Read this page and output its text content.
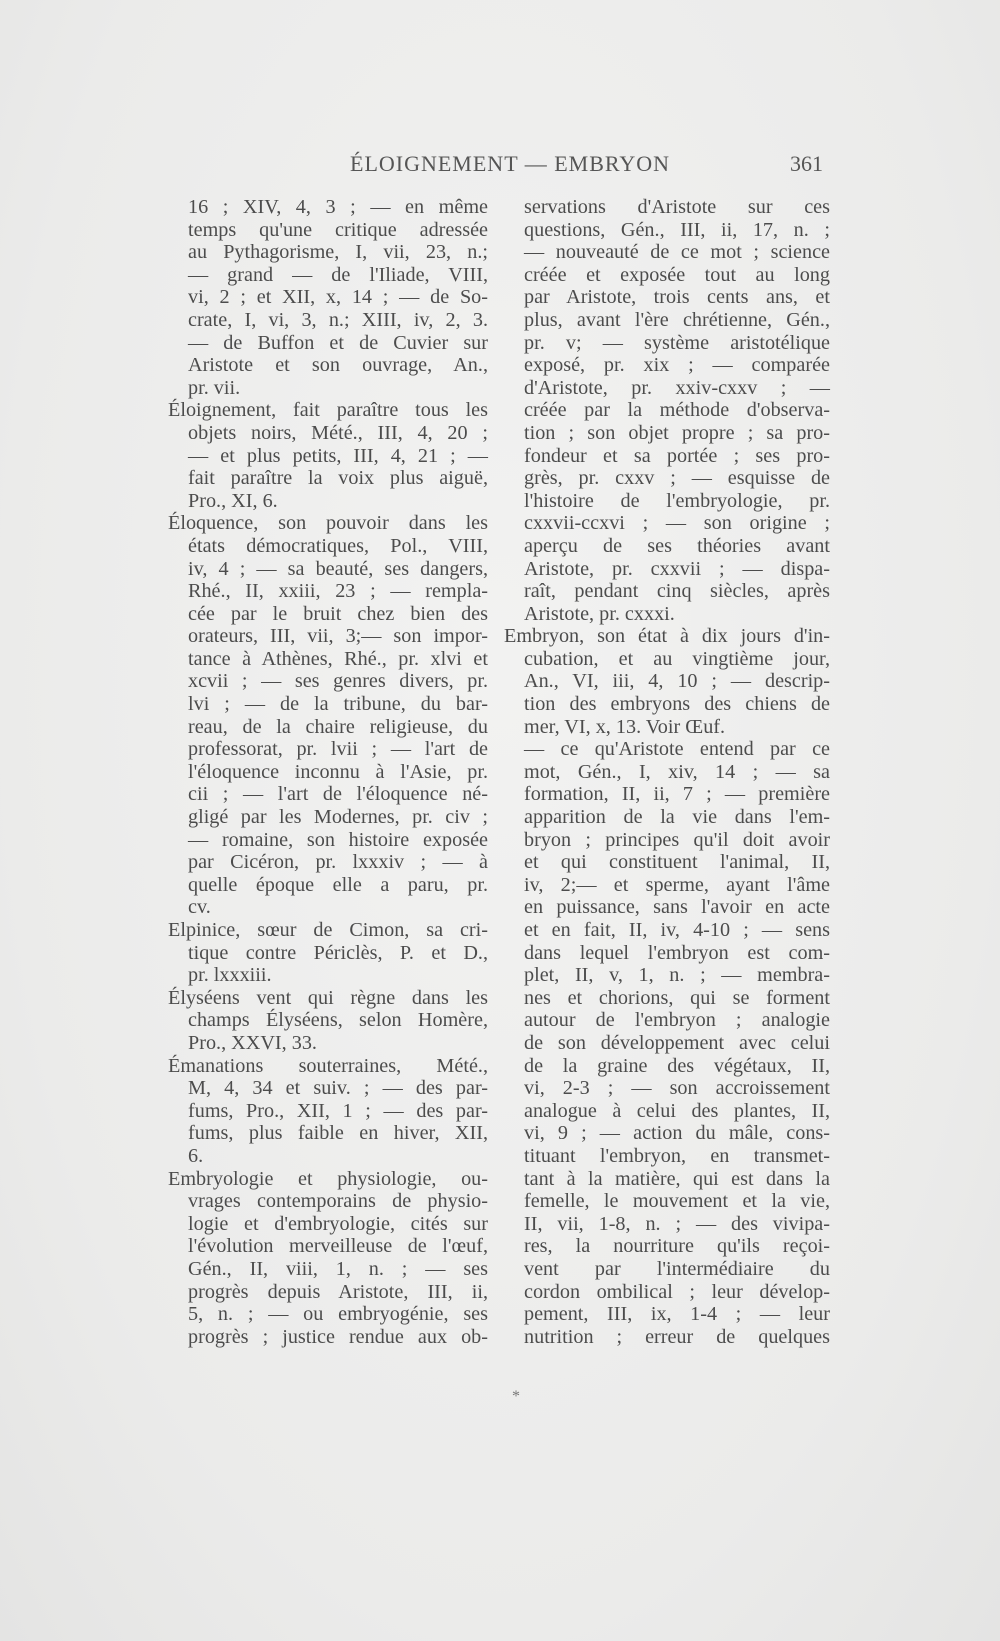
ÉLOIGNEMENT — EMBRYON	361
16 ; XIV, 4, 3 ; — en même
temps qu'une critique adressée
au Pythagorisme, I, vii, 23, n.;
— grand — de l'Iliade, VIII,
vi, 2 ; et XII, x, 14 ; — de So-
crate, I, vi, 3, n.; XIII, iv, 2, 3.
— de Buffon et de Cuvier sur
Aristote et son ouvrage, An.,
pr. vii.
Éloignement, fait paraître tous les
objets noirs, Mété., III, 4, 20 ;
— et plus petits, III, 4, 21 ; —
fait paraître la voix plus aiguë,
Pro., XI, 6.
Éloquence, son pouvoir dans les
états démocratiques, Pol., VIII,
iv, 4 ; — sa beauté, ses dangers,
Rhé., II, xxiii, 23 ; — rempla-
cée par le bruit chez bien des
orateurs, III, vii, 3;— son impor-
tance à Athènes, Rhé., pr. xlvi et
xcvii ; — ses genres divers, pr.
lvi ; — de la tribune, du bar-
reau, de la chaire religieuse, du
professorat, pr. lvii ; — l'art de
l'éloquence inconnu à l'Asie, pr.
cii ; — l'art de l'éloquence né-
gligé par les Modernes, pr. civ ;
— romaine, son histoire exposée
par Cicéron, pr. lxxxiv ; — à
quelle époque elle a paru, pr.
cv.
Elpinice, sœur de Cimon, sa cri-
tique contre Périclès, P. et D.,
pr. lxxxiii.
Élyséens vent qui règne dans les
champs Élyséens, selon Homère,
Pro., XXVI, 33.
Émanations souterraines, Mété.,
M, 4, 34 et suiv. ; — des par-
fums, Pro., XII, 1 ; — des par-
fums, plus faible en hiver, XII,
6.
Embryologie et physiologie, ou-
vrages contemporains de physio-
logie et d'embryologie, cités sur
l'évolution merveilleuse de l'œuf,
Gén., II, viii, 1, n. ; — ses
progrès depuis Aristote, III, ii,
5, n. ; — ou embryogénie, ses
progrès ; justice rendue aux ob-
servations d'Aristote sur ces
questions, Gén., III, ii, 17, n. ;
— nouveauté de ce mot ; science
créée et exposée tout au long
par Aristote, trois cents ans, et
plus, avant l'ère chrétienne, Gén.,
pr. v; — système aristotélique
exposé, pr. xix ; — comparée
d'Aristote, pr. xxiv-cxxv ; —
créée par la méthode d'observa-
tion ; son objet propre ; sa pro-
fondeur et sa portée ; ses pro-
grès, pr. cxxv ; — esquisse de
l'histoire de l'embryologie, pr.
cxxvii-ccxvi ; — son origine ;
aperçu de ses théories avant
Aristote, pr. cxxvii ; — dispa-
raît, pendant cinq siècles, après
Aristote, pr. cxxxi.
Embryon, son état à dix jours d'in-
cubation, et au vingtième jour,
An., VI, iii, 4, 10 ; — descrip-
tion des embryons des chiens de
mer, VI, x, 13. Voir Œuf.
— ce qu'Aristote entend par ce
mot, Gén., I, xiv, 14 ; — sa
formation, II, ii, 7 ; — première
apparition de la vie dans l'em-
bryon ; principes qu'il doit avoir
et qui constituent l'animal, II,
iv, 2;— et sperme, ayant l'âme
en puissance, sans l'avoir en acte
et en fait, II, iv, 4-10 ; — sens
dans lequel l'embryon est com-
plet, II, v, 1, n. ; — membra-
nes et chorions, qui se forment
autour de l'embryon ; analogie
de son développement avec celui
de la graine des végétaux, II,
vi, 2-3 ; — son accroissement
analogue à celui des plantes, II,
vi, 9 ; — action du mâle, cons-
tituant l'embryon, en transmet-
tant à la matière, qui est dans la
femelle, le mouvement et la vie,
II, vii, 1-8, n. ; — des vivipa-
res, la nourriture qu'ils reçoi-
vent par l'intermédiaire du
cordon ombilical ; leur dévelop-
pement, III, ix, 1-4 ; — leur
nutrition ; erreur de quelques
*
